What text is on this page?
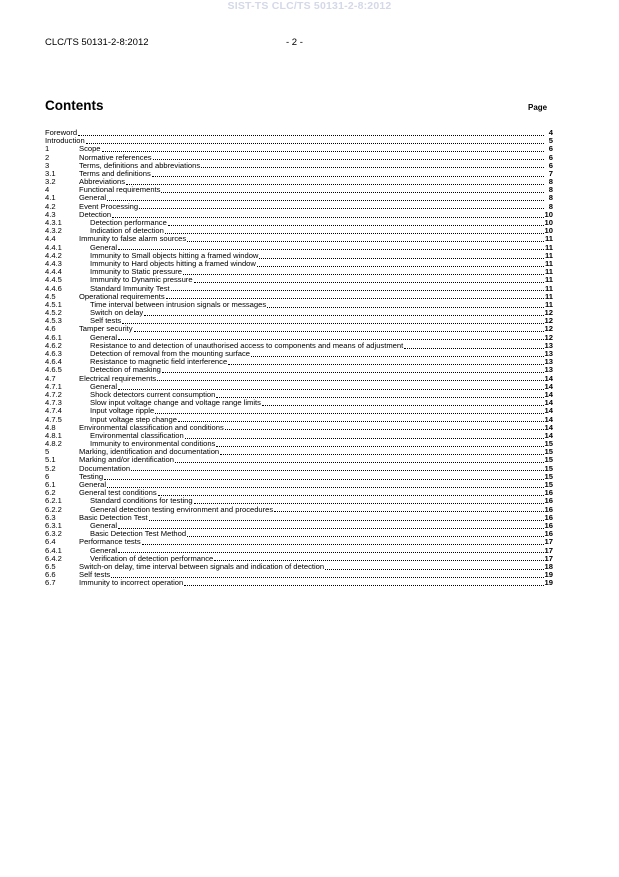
SIST-TS CLC/TS 50131-2-8:2012
CLC/TS 50131-2-8:2012	- 2 -
Contents	Page
Foreword	4
Introduction	5
1	Scope	6
2	Normative references	6
3	Terms, definitions and abbreviations	6
3.1	Terms and definitions	7
3.2	Abbreviations	8
4	Functional requirements	8
4.1	General	8
4.2	Event Processing	8
4.3	Detection	10
4.3.1	Detection performance	10
4.3.2	Indication of detection	10
4.4	Immunity to false alarm sources	11
4.4.1	General	11
4.4.2	Immunity to Small objects hitting a framed window	11
4.4.3	Immunity to Hard objects hitting a framed window	11
4.4.4	Immunity to Static pressure	11
4.4.5	Immunity to Dynamic pressure	11
4.4.6	Standard Immunity Test	11
4.5	Operational requirements	11
4.5.1	Time interval between intrusion signals or messages	11
4.5.2	Switch on delay	12
4.5.3	Self tests	12
4.6	Tamper security	12
4.6.1	General	12
4.6.2	Resistance to and detection of unauthorised access to components and means of adjustment	13
4.6.3	Detection of removal from the mounting surface	13
4.6.4	Resistance to magnetic field interference	13
4.6.5	Detection of masking	13
4.7	Electrical requirements	14
4.7.1	General	14
4.7.2	Shock detectors current consumption	14
4.7.3	Slow input voltage change and voltage range limits	14
4.7.4	Input voltage ripple	14
4.7.5	Input voltage step change	14
4.8	Environmental classification and conditions	14
4.8.1	Environmental classification	14
4.8.2	Immunity to environmental conditions	15
5	Marking, identification and documentation	15
5.1	Marking and/or identification	15
5.2	Documentation	15
6	Testing	15
6.1	General	15
6.2	General test conditions	16
6.2.1	Standard conditions for testing	16
6.2.2	General detection testing environment and procedures	16
6.3	Basic Detection Test	16
6.3.1	General	16
6.3.2	Basic Detection Test Method	16
6.4	Performance tests	17
6.4.1	General	17
6.4.2	Verification of detection performance	17
6.5	Switch-on delay, time interval between signals and indication of detection	18
6.6	Self tests	19
6.7	Immunity to incorrect operation	19
